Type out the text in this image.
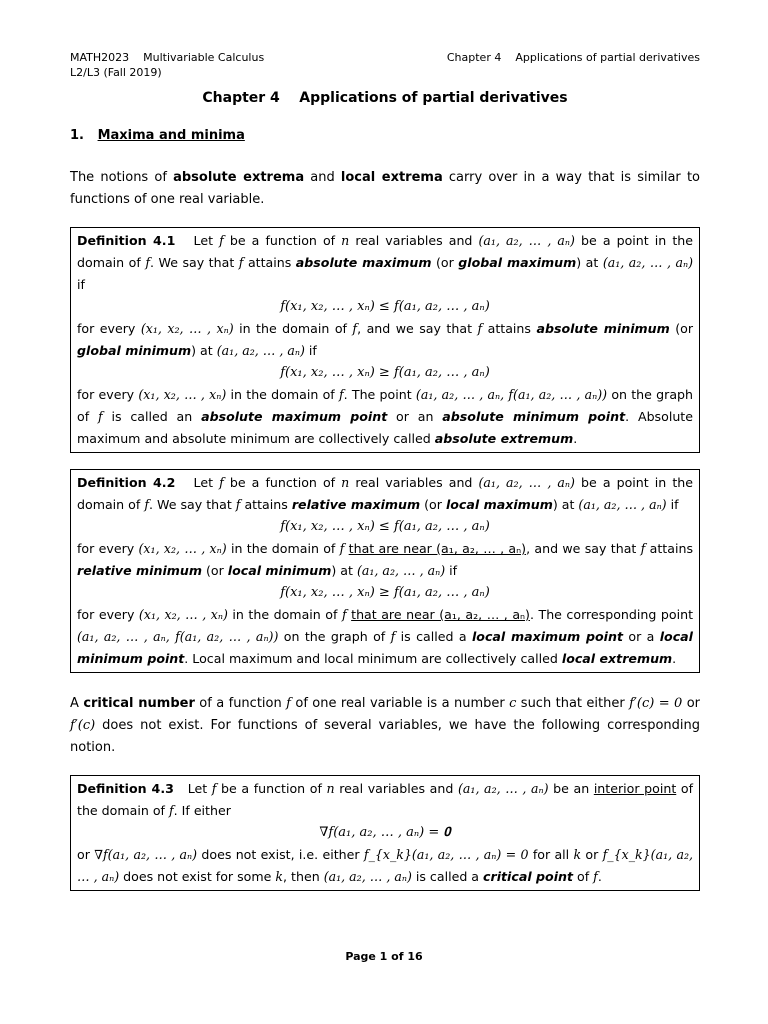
MATH2023 Multivariable Calculus
L2/L3 (Fall 2019)
Chapter 4 Applications of partial derivatives
Chapter 4    Applications of partial derivatives
1. Maxima and minima

The notions of absolute extrema and local extrema carry over in a way that is similar to functions of one real variable.

Definition 4.1 Let f be a function of n real variables and (a₁, a₂, … , aₙ) be a point in the domain of f. We say that f attains absolute maximum (or global maximum) at (a₁, a₂, … , aₙ) if

f(x₁, x₂, … , xₙ) ≤ f(a₁, a₂, … , aₙ)

for every (x₁, x₂, … , xₙ) in the domain of f, and we say that f attains absolute minimum (or global minimum) at (a₁, a₂, … , aₙ) if

f(x₁, x₂, … , xₙ) ≥ f(a₁, a₂, … , aₙ)

for every (x₁, x₂, … , xₙ) in the domain of f. The point (a₁, a₂, … , aₙ, f(a₁, a₂, … , aₙ)) on the graph of f is called an absolute maximum point or an absolute minimum point. Absolute maximum and absolute minimum are collectively called absolute extremum.

Definition 4.2 Let f be a function of n real variables and (a₁, a₂, … , aₙ) be a point in the domain of f. We say that f attains relative maximum (or local maximum) at (a₁, a₂, … , aₙ) if

f(x₁, x₂, … , xₙ) ≤ f(a₁, a₂, … , aₙ)

for every (x₁, x₂, … , xₙ) in the domain of f that are near (a₁, a₂, … , aₙ), and we say that f attains relative minimum (or local minimum) at (a₁, a₂, … , aₙ) if

f(x₁, x₂, … , xₙ) ≥ f(a₁, a₂, … , aₙ)

for every (x₁, x₂, … , xₙ) in the domain of f that are near (a₁, a₂, … , aₙ). The corresponding point (a₁, a₂, … , aₙ, f(a₁, a₂, … , aₙ)) on the graph of f is called a local maximum point or a local minimum point. Local maximum and local minimum are collectively called local extremum.

A critical number of a function f of one real variable is a number c such that either f′(c) = 0 or f′(c) does not exist. For functions of several variables, we have the following corresponding notion.

Definition 4.3 Let f be a function of n real variables and (a₁, a₂, … , aₙ) be an interior point of the domain of f. If either

∇f(a₁, a₂, … , aₙ) = 𝟎

or ∇f(a₁, a₂, … , aₙ) does not exist, i.e. either f_{x_k}(a₁, a₂, … , aₙ) = 0 for all k or f_{x_k}(a₁, a₂, … , aₙ) does not exist for some k, then (a₁, a₂, … , aₙ) is called a critical point of f.

Page 1 of 16
